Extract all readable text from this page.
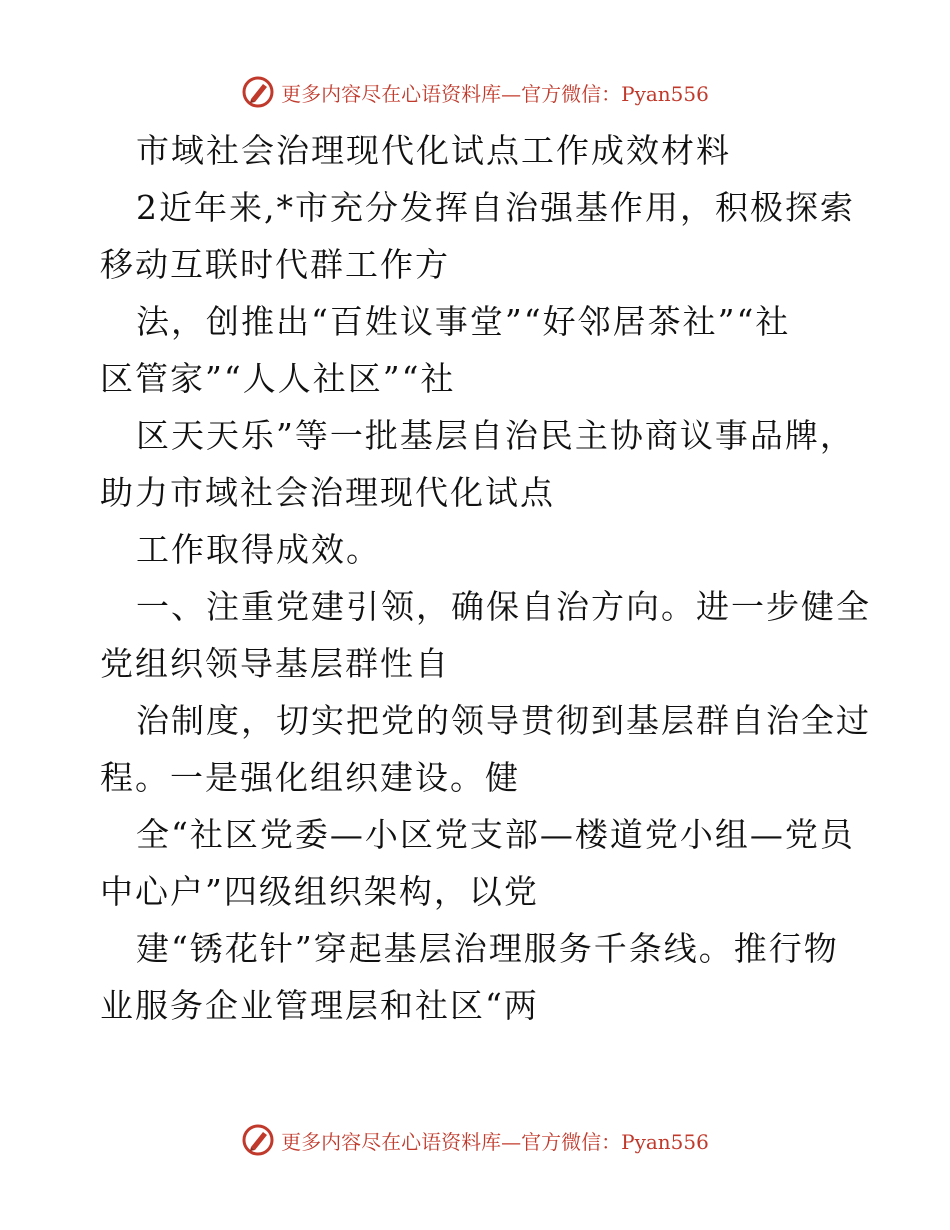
更多内容尽在心语资料库—官方微信：Pyan556
市域社会治理现代化试点工作成效材料
2近年来,*市充分发挥自治强基作用，积极探索
移动互联时代群工作方
法，创推出“百姓议事堂”“好邻居茶社”“社
区管家”“人人社区”“社
区天天乐”等一批基层自治民主协商议事品牌，
助力市域社会治理现代化试点
工作取得成效。
一、注重党建引领，确保自治方向。进一步健全
党组织领导基层群性自
治制度，切实把党的领导贯彻到基层群自治全过
程。一是强化组织建设。健
全“社区党委—小区党支部—楼道党小组—党员
中心户”四级组织架构，以党
建“锈花针”穿起基层治理服务千条线。推行物
业服务企业管理层和社区“两
更多内容尽在心语资料库—官方微信：Pyan556
